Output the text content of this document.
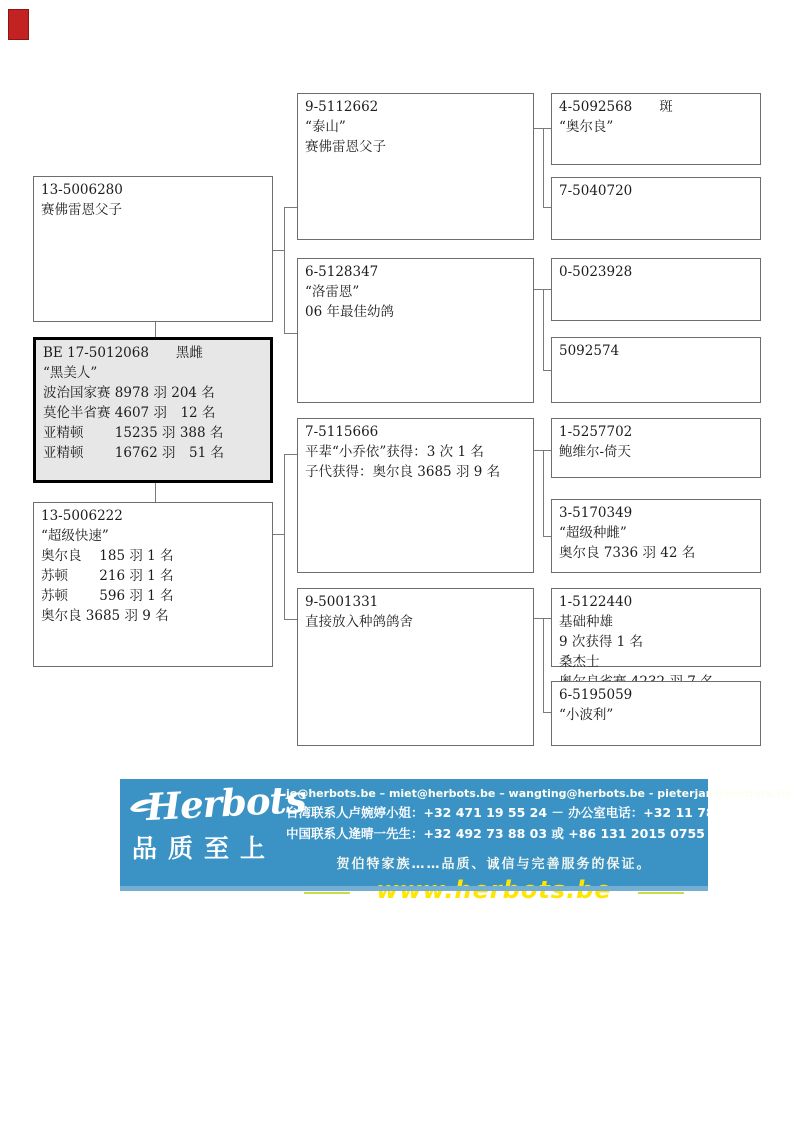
13-5006280
赛佛雷恩父子
BE 17-5012068　　黑雌
“黑美人”
波治国家赛 8978 羽 204 名
莫伦半省赛 4607 羽　12 名
亚精顿　　 15235 羽 388 名
亚精顿　　 16762 羽　51 名
13-5006222
“超级快速”
奥尔良　 185 羽 1 名
苏顿　　 216 羽 1 名
苏顿　　 596 羽 1 名
奥尔良 3685 羽 9 名
9-5112662
“泰山”
赛佛雷恩父子
6-5128347
“洛雷恩”
06 年最佳幼鸽
7-5115666
平辈“小乔依”获得：3 次 1 名
子代获得：奥尔良 3685 羽 9 名
9-5001331
直接放入种鸽鸽舍
4-5092568　　斑
“奥尔良”
7-5040720
0-5023928
5092574
1-5257702
鲍维尔-倚天
3-5170349
“超级种雌”
奥尔良 7336 羽 42 名
1-5122440
基础种雄
9 次获得 1 名
桑杰士
6-5195059
“小波利”
Herbots
品质至上
jo@herbots.be – miet@herbots.be – wangting@herbots.be - pieterjan@herbots.be
台湾联系人卢婉婷小姐：+32 471 19 55 24 － 办公室电话：+32 11 78 91 90
中国联系人逄晴一先生：+32 492 73 88 03 或 +86 131 2015 0755
贺伯特家族……品质、诚信与完善服务的保证。
